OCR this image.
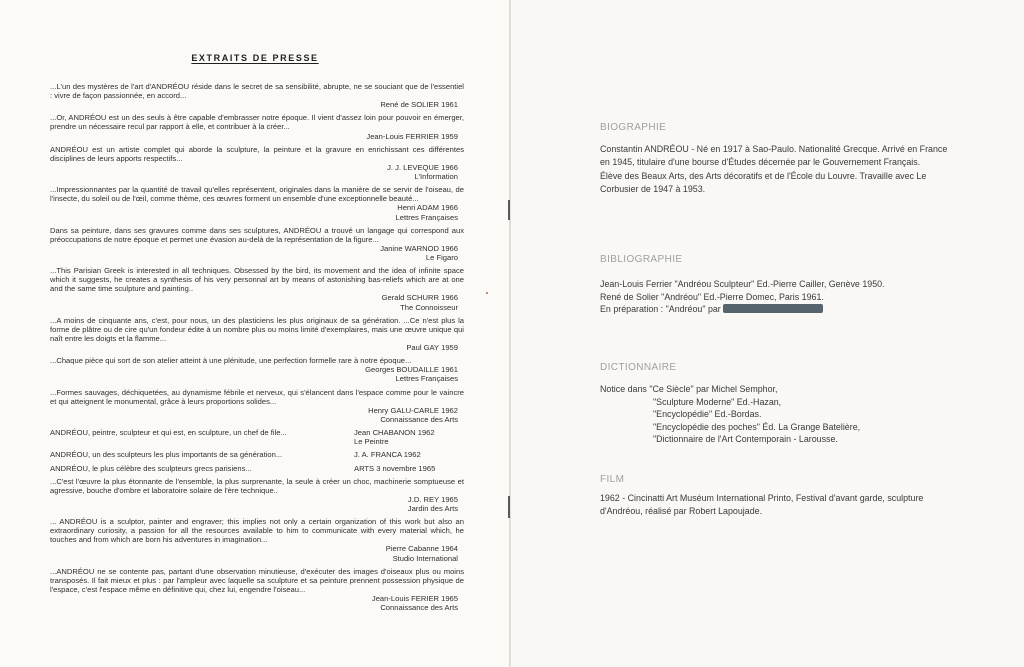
EXTRAITS DE PRESSE
...L'un des mystères de l'art d'ANDRÉOU réside dans le secret de sa sensibilité, abrupte, ne se souciant que de l'essentiel : vivre de façon passionnée, en accord...
René de SOLIER 1961
...Or, ANDRÉOU est un des seuls à être capable d'embrasser notre époque. Il vient d'assez loin pour pouvoir en émerger, prendre un nécessaire recul par rapport à elle, et contribuer à la créer...
Jean-Louis FERRIER 1959
ANDRÉOU est un artiste complet qui aborde la sculpture, la peinture et la gravure en enrichissant ces différentes disciplines de leurs apports respectifs...
J. J. LEVEQUE 1966
L'Information
...Impressionnantes par la quantité de travail qu'elles représentent, originales dans la manière de se servir de l'oiseau, de l'insecte, du soleil ou de l'œil, comme thème, ces œuvres forment un ensemble d'une exceptionnelle beauté...
Henri ADAM 1966
Lettres Françaises
Dans sa peinture, dans ses gravures comme dans ses sculptures, ANDRÉOU a trouvé un langage qui correspond aux préoccupations de notre époque et permet une évasion au-delà de la représentation de la figure...
Janine WARNOD 1966
Le Figaro
...This Parisian Greek is interested in all techniques. Obsessed by the bird, its movement and the idea of infinite space which it suggests, he creates a synthesis of his very personnal art by means of astonishing bas-reliefs which are at one and the same time sculpture and painting..
Gerald SCHURR 1966
The Connoisseur
...A moins de cinquante ans, c'est, pour nous, un des plasticiens les plus originaux de sa génération. ...Ce n'est plus la forme de plâtre ou de cire qu'un fondeur édite à un nombre plus ou moins limité d'exemplaires, mais une œuvre unique qui naît entre les doigts et la flamme...
Paul GAY 1959
...Chaque pièce qui sort de son atelier atteint à une plénitude, une perfection formelle rare à notre époque...
Georges BOUDAILLE 1961
Lettres Françaises
...Formes sauvages, déchiquetées, au dynamisme fébrile et nerveux, qui s'élancent dans l'espace comme pour le vaincre et qui atteignent le monumental, grâce à leurs proportions solides...
Henry GALU-CARLE 1962
Connaissance des Arts
ANDRÉOU, peintre, sculpteur et qui est, en sculpture, un chef de file...	Jean CHABANON 1962
Le Peintre
ANDRÉOU, un des sculpteurs les plus importants de sa génération...	J. A. FRANCA 1962
ANDRÉOU, le plus célèbre des sculpteurs grecs parisiens...	ARTS 3 novembre 1965
...C'est l'œuvre la plus étonnante de l'ensemble, la plus surprenante, la seule à créer un choc, machinerie somptueuse et agressive, bouche d'ombre et laboratoire solaire de l'ère technique..
J.D. REY 1965
Jardin des Arts
... ANDRÉOU is a sculptor, painter and engraver; this implies not only a certain organization of this work but also an extraordinary curiosity, a passion for all the resources available to him to communicate with every material which, he touches and from which are born his adventures in imagination...
Pierre Cabanne 1964
Studio International
...ANDRÉOU ne se contente pas, partant d'une observation minutieuse, d'exécuter des images d'oiseaux plus ou moins transposés. Il fait mieux et plus : par l'ampleur avec laquelle sa sculpture et sa peinture prennent possession physique de l'espace, c'est l'espace même en définitive qui, chez lui, engendre l'oiseau...
Jean-Louis FERIER 1965
Connaissance des Arts
BIOGRAPHIE

Constantin ANDRÉOU - Né en 1917 à Sao-Paulo. Nationalité Grecque. Arrivé en France en 1945, titulaire d'une bourse d'Études décernée par le Gouvernement Français.

Élève des Beaux Arts, des Arts décoratifs et de l'École du Louvre. Travaille avec Le Corbusier de 1947 à 1953.

BIBLIOGRAPHIE
Jean-Louis Ferrier "Andréou Sculpteur" Ed.-Pierre Cailler, Genève 1950.
René de Solier "Andréou" Ed.-Pierre Domec, Paris 1961.
En préparation : "Andréou" par
DICTIONNAIRE
Notice dans "Ce Siècle" par Michel Semphor,
"Sculpture Moderne" Ed.-Hazan,
"Encyclopédie" Ed.-Bordas.
"Encyclopédie des poches" Éd. La Grange Batelière,
"Dictionnaire de l'Art Contemporain - Larousse.
FILM
1962 - Cincinatti Art Muséum International Printo, Festival d'avant garde, sculpture d'Andréou, réalisé par Robert Lapoujade.
